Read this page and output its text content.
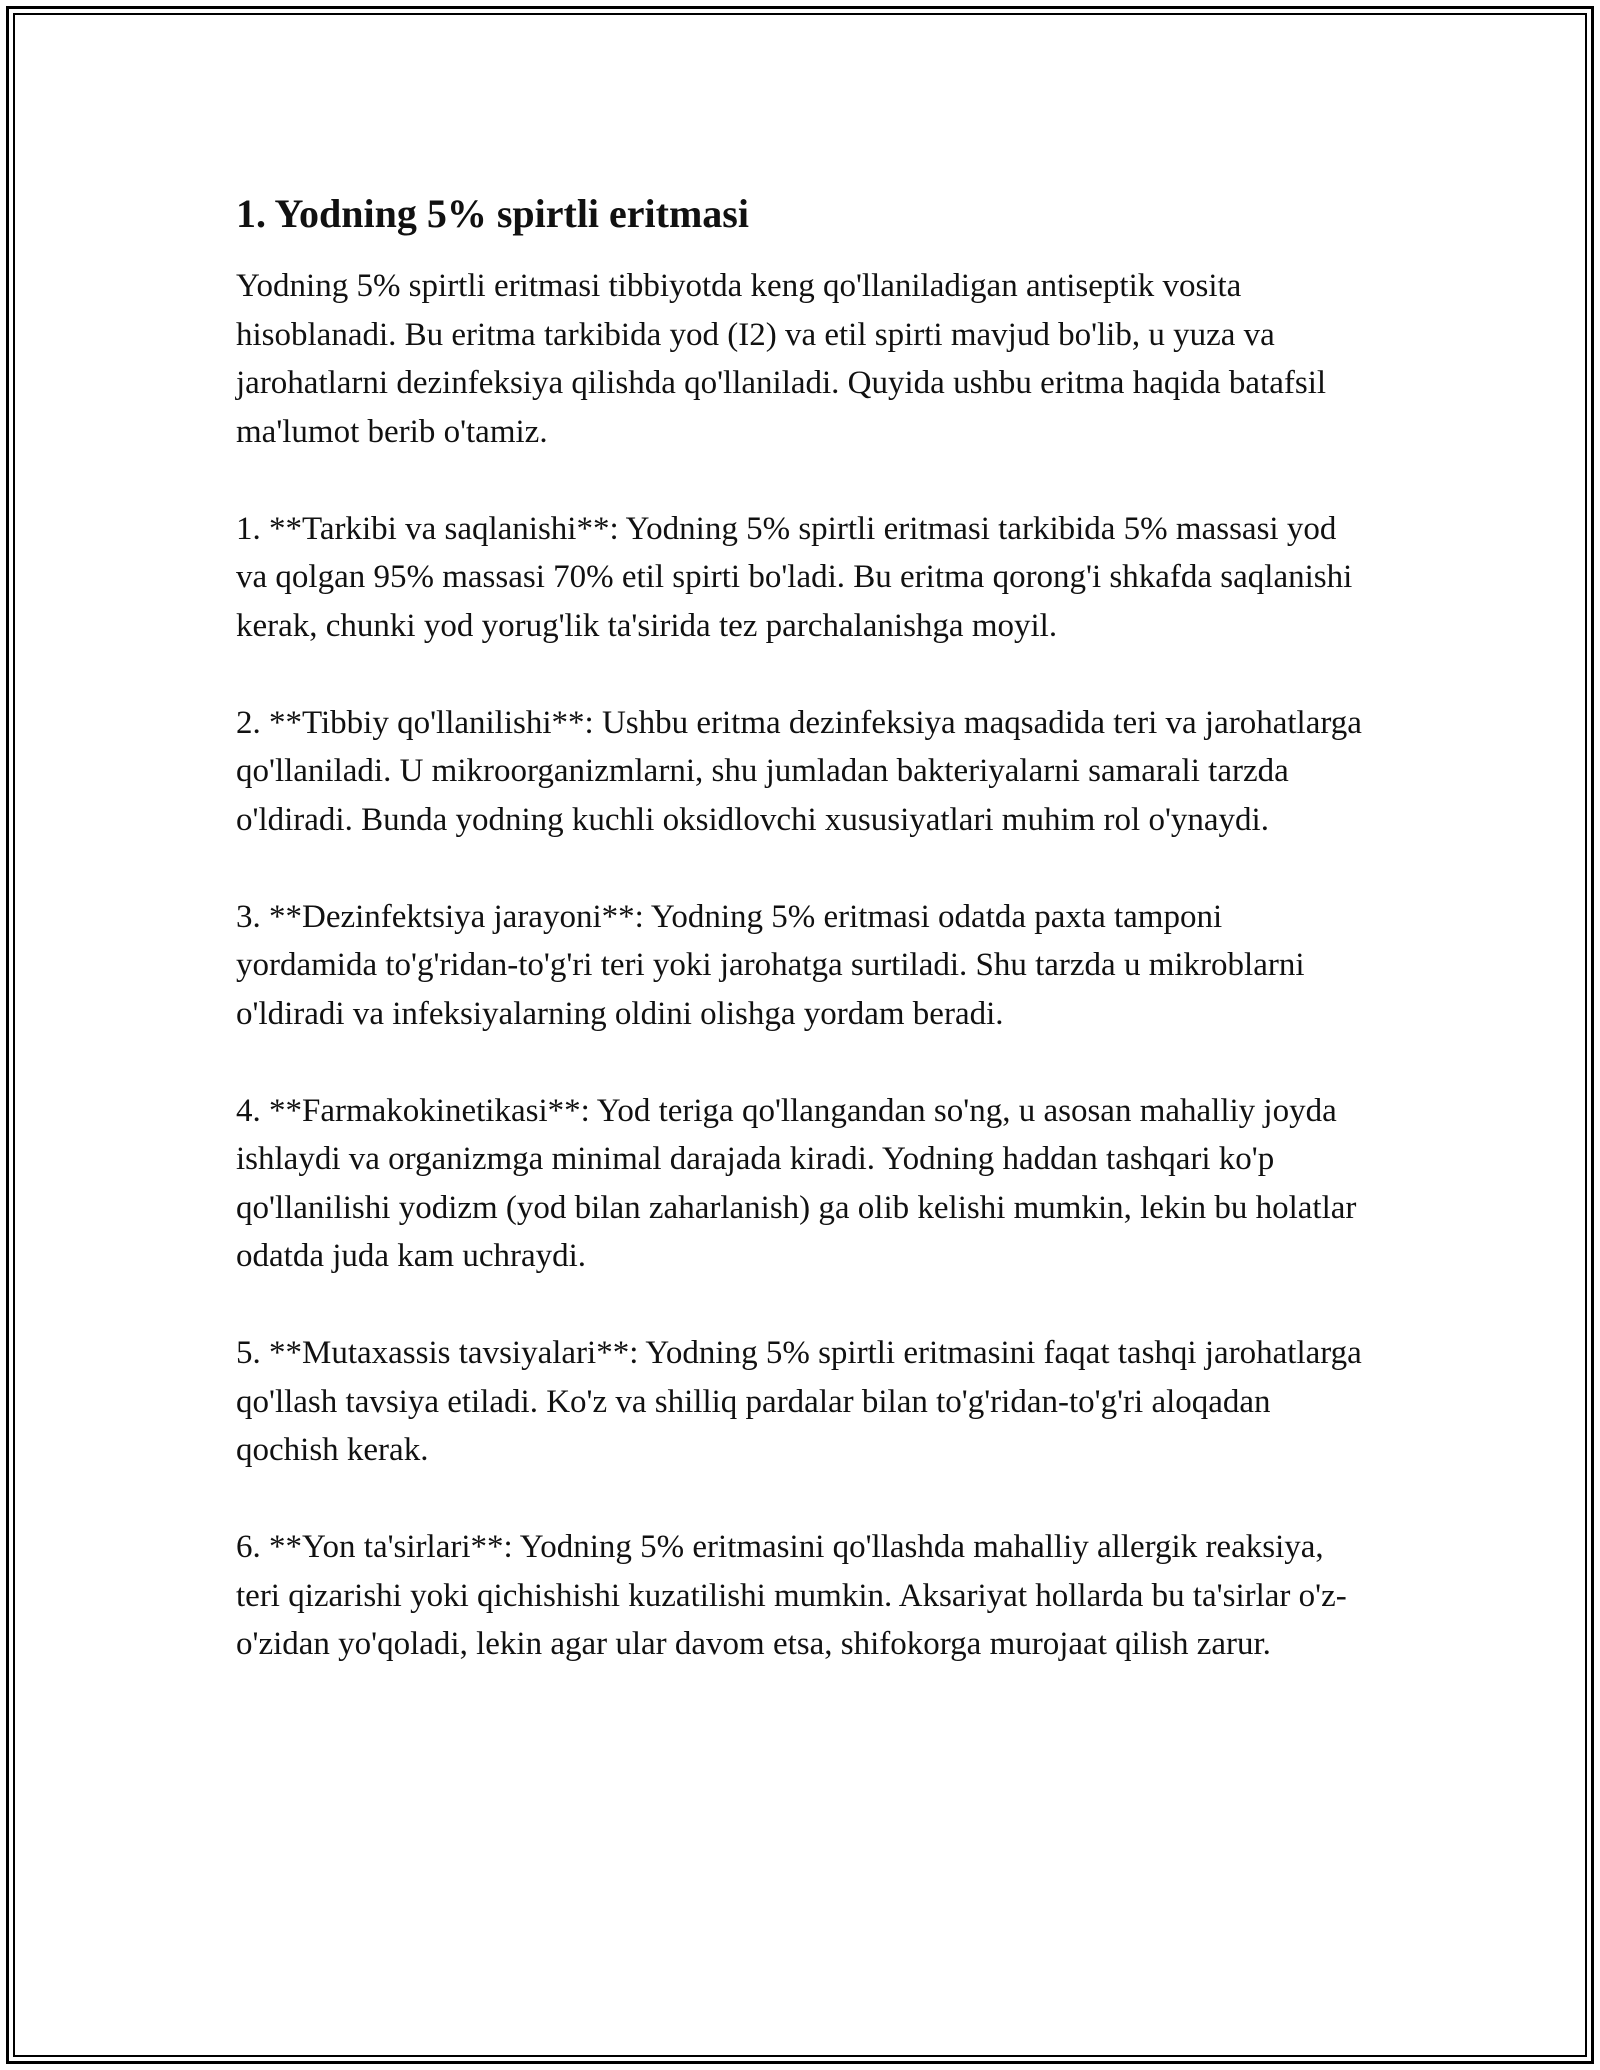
1. Yodning 5% spirtli eritmasi

Yodning 5% spirtli eritmasi tibbiyotda keng qo'llaniladigan antiseptik vosita hisoblanadi. Bu eritma tarkibida yod (I2) va etil spirti mavjud bo'lib, u yuza va jarohatlarni dezinfeksiya qilishda qo'llaniladi. Quyida ushbu eritma haqida batafsil ma'lumot berib o'tamiz.

1. **Tarkibi va saqlanishi**: Yodning 5% spirtli eritmasi tarkibida 5% massasi yod va qolgan 95% massasi 70% etil spirti bo'ladi. Bu eritma qorong'i shkafda saqlanishi kerak, chunki yod yorug'lik ta'sirida tez parchalanishga moyil.

2. **Tibbiy qo'llanilishi**: Ushbu eritma dezinfeksiya maqsadida teri va jarohatlarga qo'llaniladi. U mikroorganizmlarni, shu jumladan bakteriyalarni samarali tarzda o'ldiradi. Bunda yodning kuchli oksidlovchi xususiyatlari muhim rol o'ynaydi.

3. **Dezinfektsiya jarayoni**: Yodning 5% eritmasi odatda paxta tamponi yordamida to'g'ridan-to'g'ri teri yoki jarohatga surtiladi. Shu tarzda u mikroblarni o'ldiradi va infeksiyalarning oldini olishga yordam beradi.

4. **Farmakokinetikasi**: Yod teriga qo'llangandan so'ng, u asosan mahalliy joyda ishlaydi va organizmga minimal darajada kiradi. Yodning haddan tashqari ko'p qo'llanilishi yodizm (yod bilan zaharlanish) ga olib kelishi mumkin, lekin bu holatlar odatda juda kam uchraydi.

5. **Mutaxassis tavsiyalari**: Yodning 5% spirtli eritmasini faqat tashqi jarohatlarga qo'llash tavsiya etiladi. Ko'z va shilliq pardalar bilan to'g'ridan-to'g'ri aloqadan qochish kerak.

6. **Yon ta'sirlari**: Yodning 5% eritmasini qo'llashda mahalliy allergik reaksiya, teri qizarishi yoki qichishishi kuzatilishi mumkin. Aksariyat hollarda bu ta'sirlar o'z-o'zidan yo'qoladi, lekin agar ular davom etsa, shifokorga murojaat qilish zarur.
